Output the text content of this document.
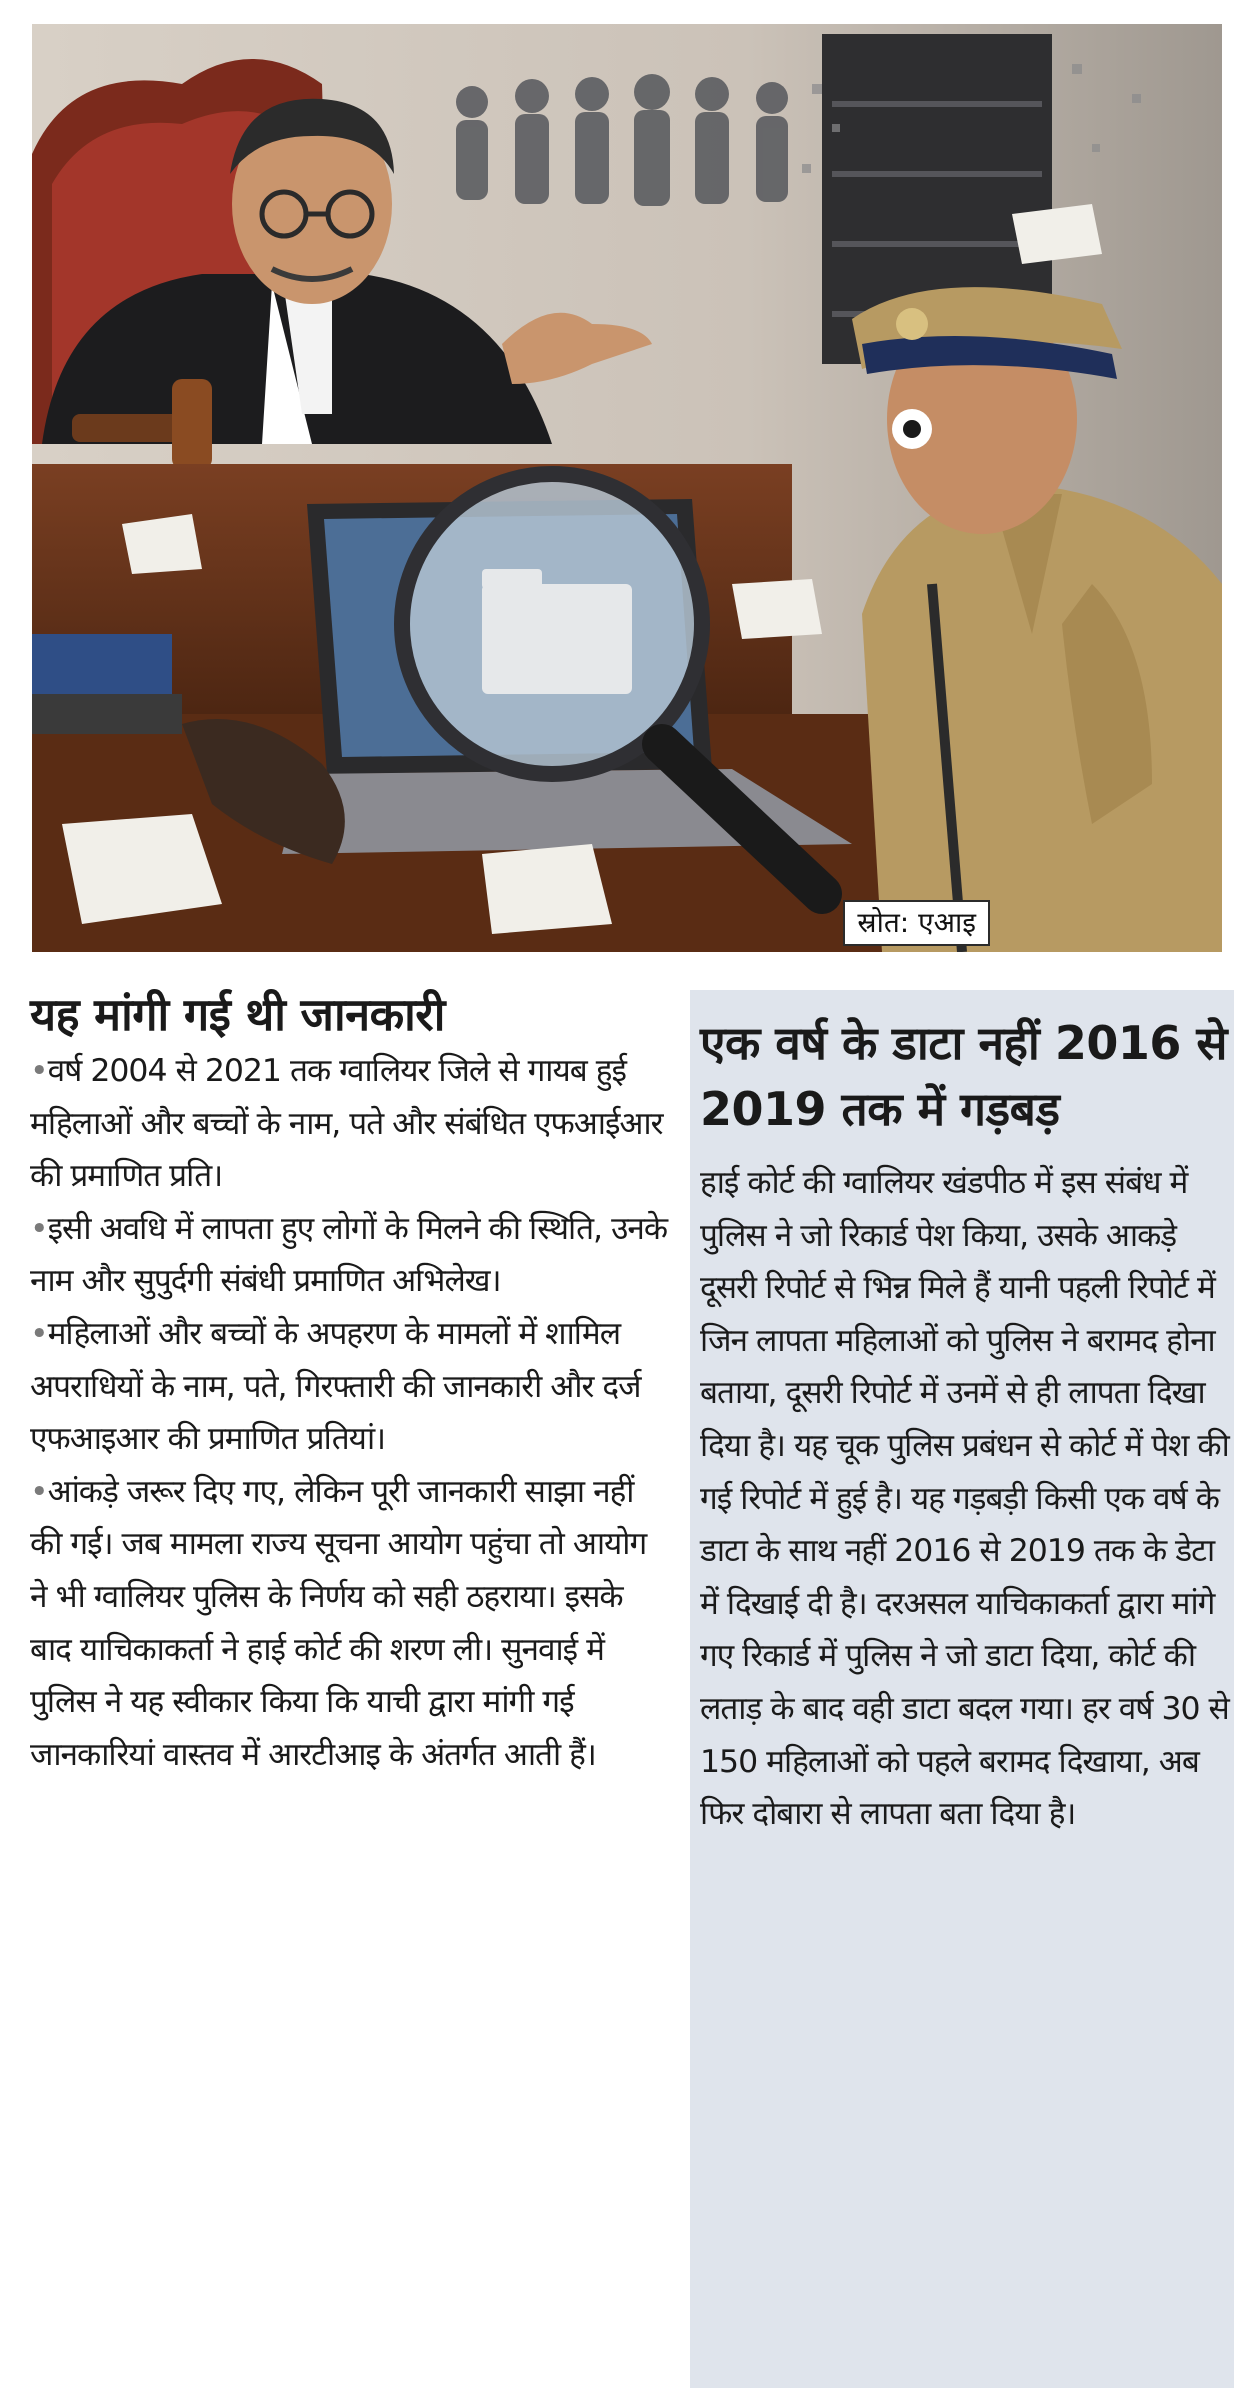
स्रोत: एआइ
यह मांगी गई थी जानकारी

•वर्ष 2004 से 2021 तक ग्वालियर जिले से गायब हुई महिलाओं और बच्चों के नाम, पते और संबंधित एफआईआर की प्रमाणित प्रति।

•इसी अवधि में लापता हुए लोगों के मिलने की स्थिति, उनके नाम और सुपुर्दगी संबंधी प्रमाणित अभिलेख।

•महिलाओं और बच्चों के अपहरण के मामलों में शामिल अपराधियों के नाम, पते, गिरफ्तारी की जानकारी और दर्ज एफआइआर की प्रमाणित प्रतियां।

•आंकड़े जरूर दिए गए, लेकिन पूरी जानकारी साझा नहीं की गई। जब मामला राज्य सूचना आयोग पहुंचा तो आयोग ने भी ग्वालियर पुलिस के निर्णय को सही ठहराया। इसके बाद याचिकाकर्ता ने हाई कोर्ट की शरण ली। सुनवाई में पुलिस ने यह स्वीकार किया कि याची द्वारा मांगी गई जानकारियां वास्तव में आरटीआइ के अंतर्गत आती हैं।

एक वर्ष के डाटा नहीं 2016 से 2019 तक में गड़बड़

हाई कोर्ट की ग्वालियर खंडपीठ में इस संबंध में पुलिस ने जो रिकार्ड पेश किया, उसके आकड़े दूसरी रिपोर्ट से भिन्न मिले हैं यानी पहली रिपोर्ट में जिन लापता महिलाओं को पुलिस ने बरामद होना बताया, दूसरी रिपोर्ट में उनमें से ही लापता दिखा दिया है। यह चूक पुलिस प्रबंधन से कोर्ट में पेश की गई रिपोर्ट में हुई है। यह गड़बड़ी किसी एक वर्ष के डाटा के साथ नहीं 2016 से 2019 तक के डेटा में दिखाई दी है। दरअसल याचिकाकर्ता द्वारा मांगे गए रिकार्ड में पुलिस ने जो डाटा दिया, कोर्ट की लताड़ के बाद वही डाटा बदल गया। हर वर्ष 30 से 150 महिलाओं को पहले बरामद दिखाया, अब फिर दोबारा से लापता बता दिया है।
